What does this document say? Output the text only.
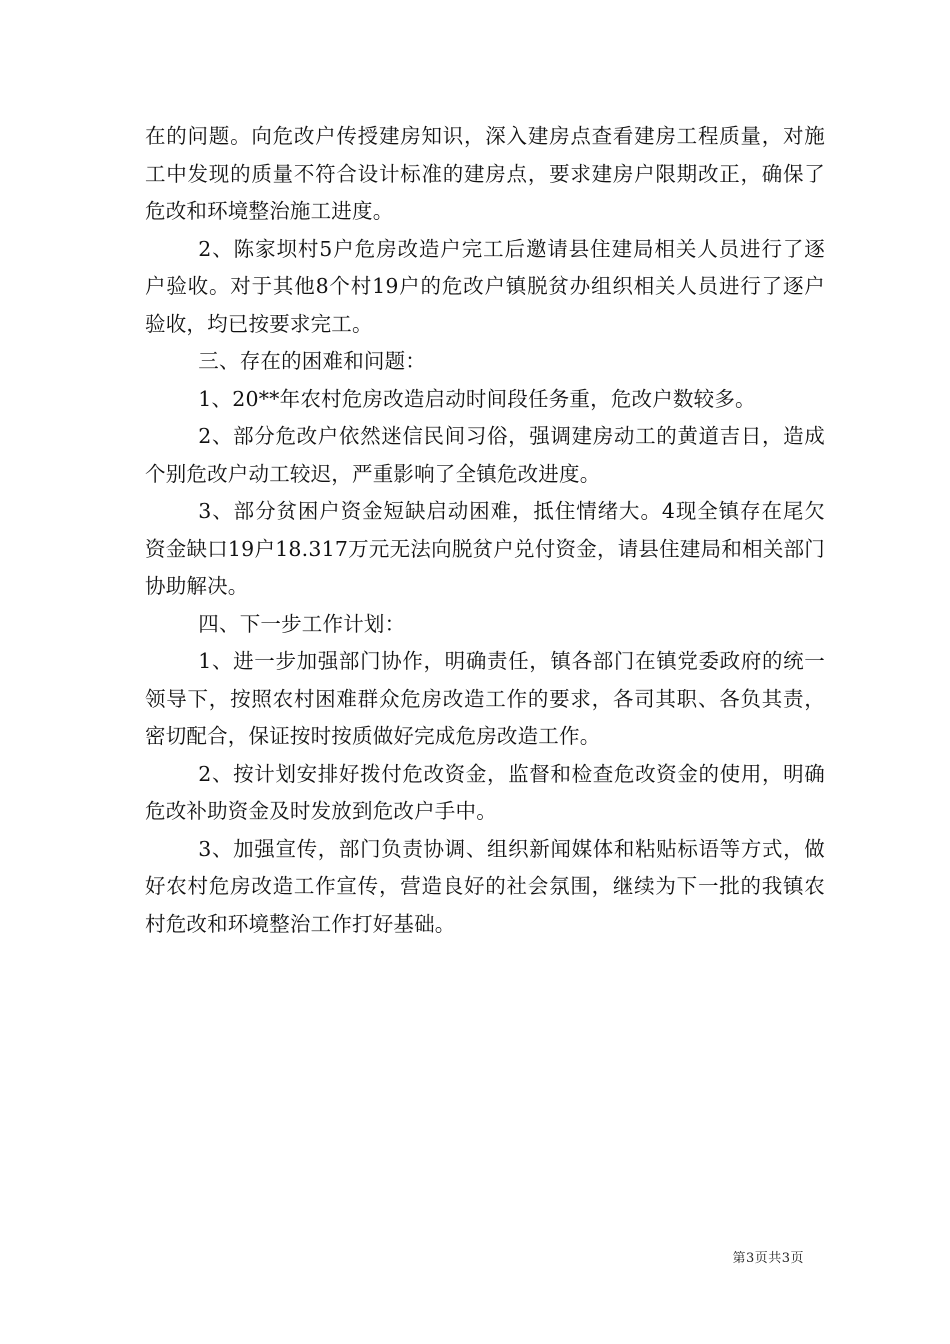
在的问题。向危改户传授建房知识，深入建房点查看建房工程质量，对施工中发现的质量不符合设计标准的建房点，要求建房户限期改正，确保了危改和环境整治施工进度。

2、陈家坝村5户危房改造户完工后邀请县住建局相关人员进行了逐户验收。对于其他8个村19户的危改户镇脱贫办组织相关人员进行了逐户验收，均已按要求完工。

三、存在的困难和问题：

1、20**年农村危房改造启动时间段任务重，危改户数较多。

2、部分危改户依然迷信民间习俗，强调建房动工的黄道吉日，造成个别危改户动工较迟，严重影响了全镇危改进度。

3、部分贫困户资金短缺启动困难，抵住情绪大。4现全镇存在尾欠资金缺口19户18.317万元无法向脱贫户兑付资金，请县住建局和相关部门协助解决。

四、下一步工作计划：

1、进一步加强部门协作，明确责任，镇各部门在镇党委政府的统一领导下，按照农村困难群众危房改造工作的要求，各司其职、各负其责，密切配合，保证按时按质做好完成危房改造工作。

2、按计划安排好拨付危改资金，监督和检查危改资金的使用，明确危改补助资金及时发放到危改户手中。

3、加强宣传，部门负责协调、组织新闻媒体和粘贴标语等方式，做好农村危房改造工作宣传，营造良好的社会氛围，继续为下一批的我镇农村危改和环境整治工作打好基础。

第3页共3页
